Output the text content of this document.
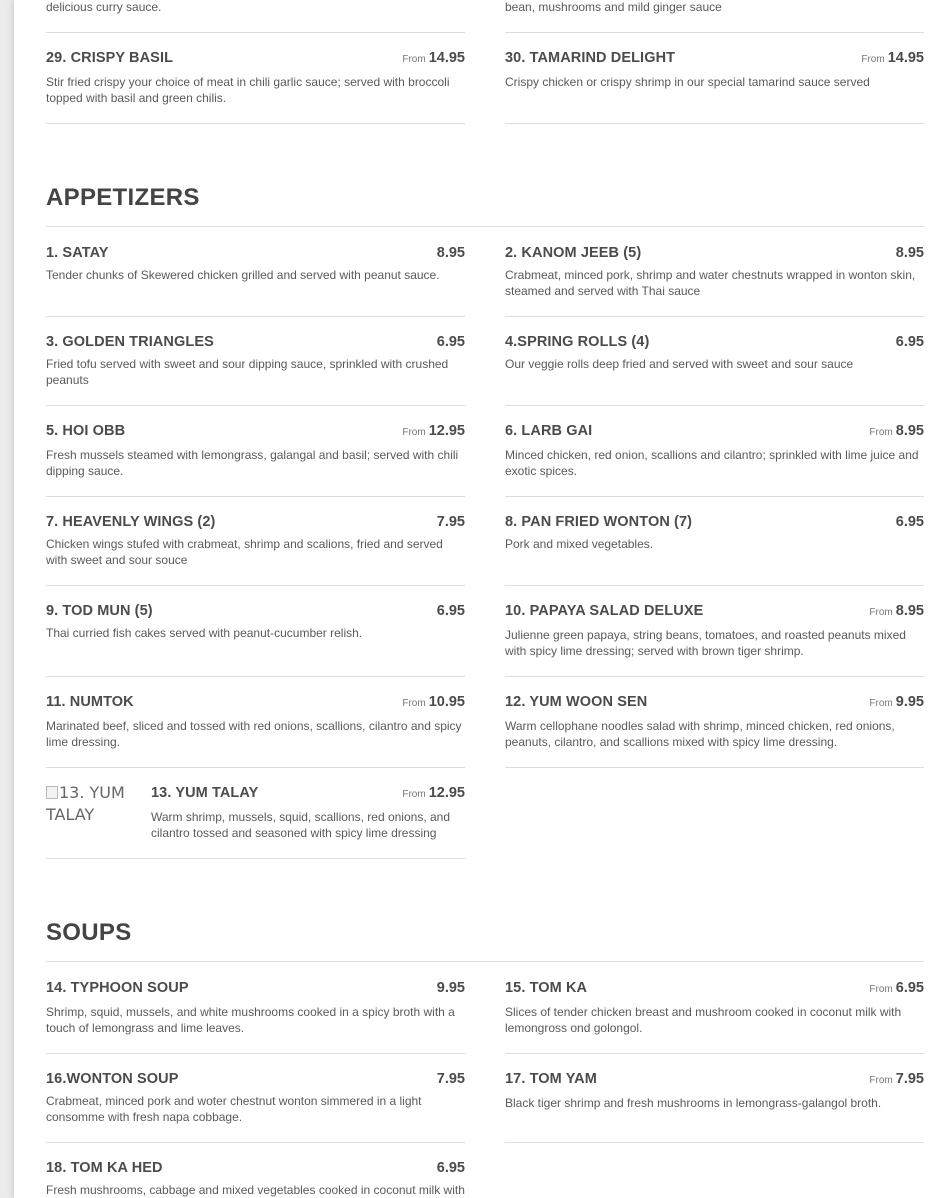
delicious curry sauce.	bean, mushrooms and mild ginger sauce
29. CRISPY BASIL	From 14.95
Stir fried crispy your choice of meat in chili garlic sauce; served with broccoli topped with basil and green chilis.
30. TAMARIND DELIGHT	From 14.95
Crispy chicken or crispy shrimp in our special tamarind sauce served
APPETIZERS
1. SATAY	8.95
Tender chunks of Skewered chicken grilled and served with peanut sauce.
2. KANOM JEEB (5)	8.95
Crabmeat, minced pork, shrimp and water chestnuts wrapped in wonton skin, steamed and served with Thai sauce
3. GOLDEN TRIANGLES	6.95
Fried tofu served with sweet and sour dipping sauce, sprinkled with crushed peanuts
4.SPRING ROLLS (4)	6.95
Our veggie rolls deep fried and served with sweet and sour sauce
5. HOI OBB	From 12.95
Fresh mussels steamed with lemongrass, galangal and basil; served with chili dipping sauce.
6. LARB GAI	From 8.95
Minced chicken, red onion, scallions and cilantro; sprinkled with lime juice and exotic spices.
7. HEAVENLY WINGS (2)	7.95
Chicken wings stufed with crabmeat, shrimp and scalions, fried and served with sweet and sour souce
8. PAN FRIED WONTON (7)	6.95
Pork and mixed vegetables.
9. TOD MUN (5)	6.95
Thai curried fish cakes served with peanut-cucumber relish.
10. PAPAYA SALAD DELUXE	From 8.95
Julienne green papaya, string beans, tomatoes, and roasted peanuts mixed with spicy lime dressing; served with brown tiger shrimp.
11. NUMTOK	From 10.95
Marinated beef, sliced and tossed with red onions, scallions, cilantro and spicy lime dressing.
12. YUM WOON SEN	From 9.95
Warm cellophane noodles salad with shrimp, minced chicken, red onions, peanuts, cilantro, and scallions mixed with spicy lime dressing.
13. YUM TALAY
13. YUM TALAY	From 12.95
Warm shrimp, mussels, squid, scallions, red onions, and cilantro tossed and seasoned with spicy lime dressing
SOUPS
14. TYPHOON SOUP	9.95
Shrimp, squid, mussels, and white mushrooms cooked in a spicy broth with a touch of lemongrass and lime leaves.
15. TOM KA	From 6.95
Slices of tender chicken breast and mushroom cooked in coconut milk with lemongross ond golongol.
16.WONTON SOUP	7.95
Crabmeat, minced pork and woter chestnut wonton simmered in a light consomme with fresh napa cobbage.
17. TOM YAM	From 7.95
Black tiger shrimp and fresh mushrooms in lemongrass-galangol broth.
18. TOM KA HED	6.95
Fresh mushrooms, cabbage and mixed vegetables cooked in coconut milk with
